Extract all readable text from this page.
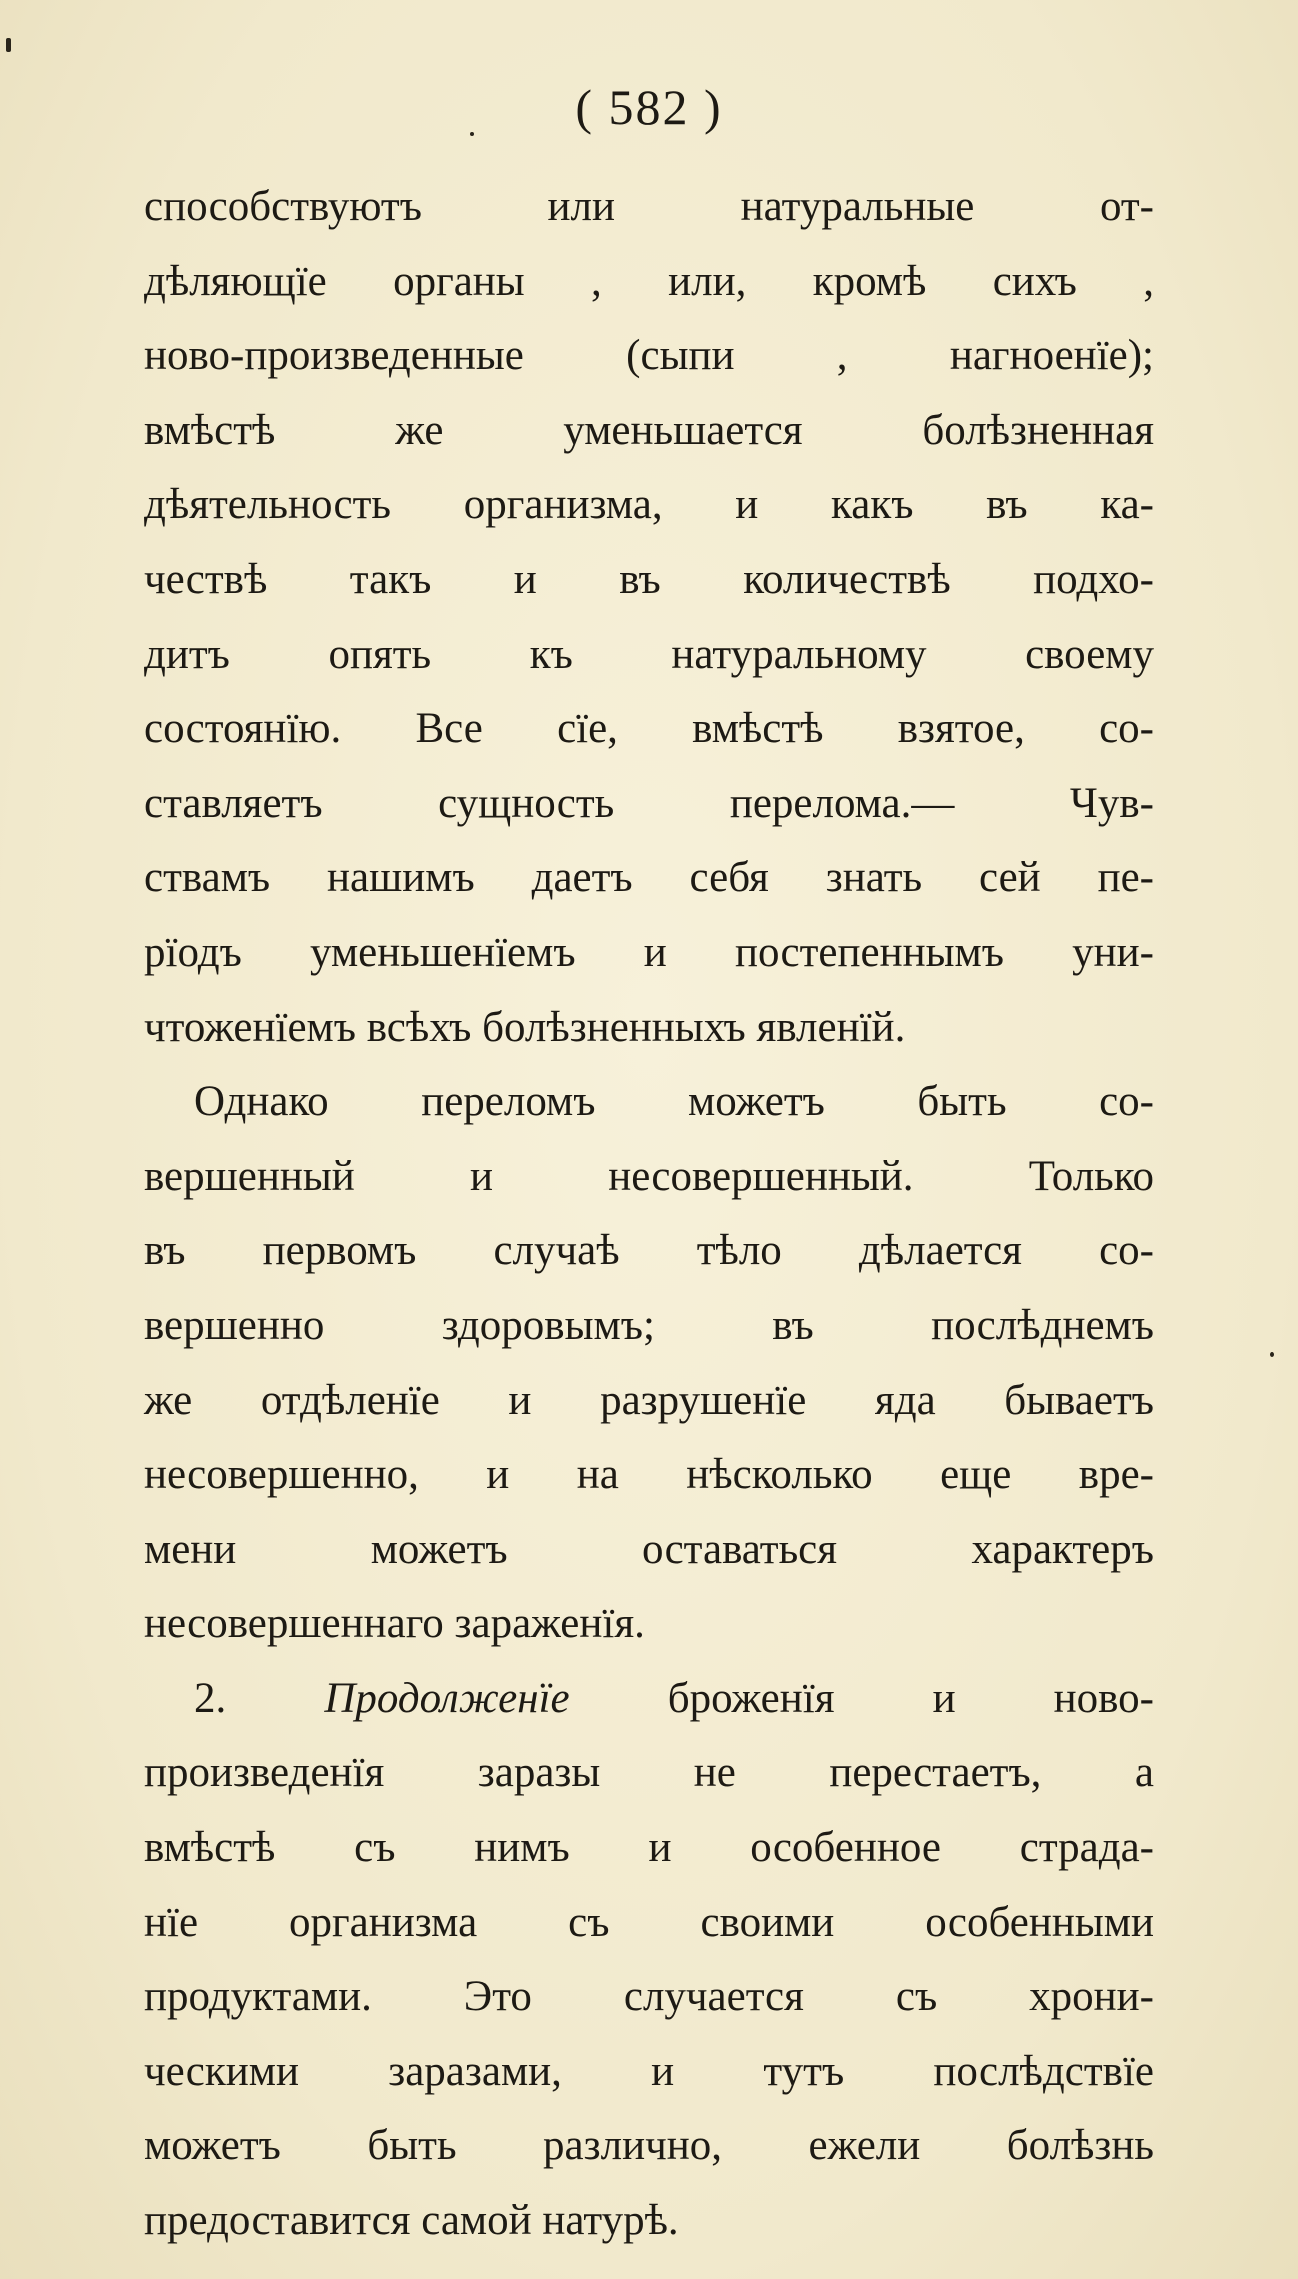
( 582 )
способствуютъ или натуральные от-
дѣляющїе органы , или, кромѣ сихъ ,
ново-произведенные (сыпи , нагноенїе);
вмѣстѣ же уменьшается болѣзненная
дѣятельность организма, и какъ въ ка-
чествѣ такъ и въ количествѣ подхо-
дитъ опять къ натуральному своему
состоянїю. Все сїе, вмѣстѣ взятое, со-
ставляетъ сущность перелома.— Чув-
ствамъ нашимъ даетъ себя знать сей пе-
рїодъ уменьшенїемъ и постепеннымъ уни-
чтоженїемъ всѣхъ болѣзненныхъ явленїй.
Однако переломъ можетъ быть со-
вершенный и несовершенный. Только
въ первомъ случаѣ тѣло дѣлается со-
вершенно здоровымъ; въ послѣднемъ
же отдѣленїе и разрушенїе яда бываетъ
несовершенно, и на нѣсколько еще вре-
мени можетъ оставаться характеръ
несовершеннаго зараженїя.
2. Продолженїе броженїя и ново-
произведенїя заразы не перестаетъ, а
вмѣстѣ съ нимъ и особенное страда-
нїе организма съ своими особенными
продуктами. Это случается съ хрони-
ческими заразами, и тутъ послѣдствїе
можетъ быть различно, ежели болѣзнь
предоставится самой натурѣ.
